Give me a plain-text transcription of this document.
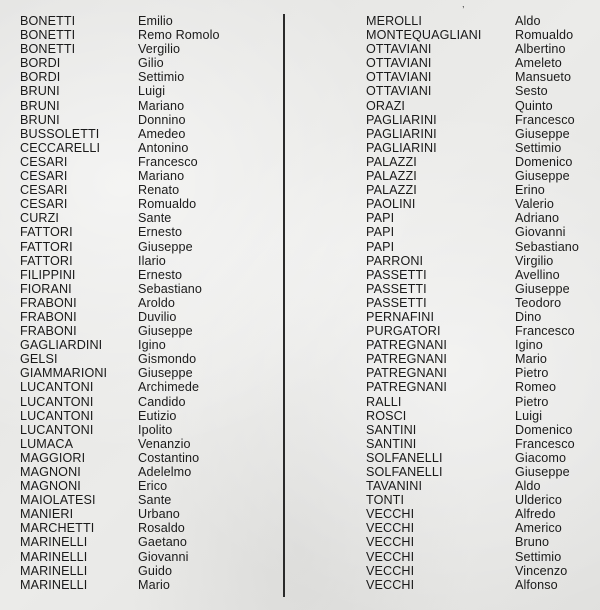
,
BONETTI
BONETTI
BONETTI
BORDI
BORDI
BRUNI
BRUNI
BRUNI
BUSSOLETTI
CECCARELLI
CESARI
CESARI
CESARI
CESARI
CURZI
FATTORI
FATTORI
FATTORI
FILIPPINI
FIORANI
FRABONI
FRABONI
FRABONI
GAGLIARDINI
GELSI
GIAMMARIONI
LUCANTONI
LUCANTONI
LUCANTONI
LUCANTONI
LUMACA
MAGGIORI
MAGNONI
MAGNONI
MAIOLATESI
MANIERI
MARCHETTI
MARINELLI
MARINELLI
MARINELLI
MARINELLI
Emilio
Remo Romolo
Vergilio
Gilio
Settimio
Luigi
Mariano
Donnino
Amedeo
Antonino
Francesco
Mariano
Renato
Romualdo
Sante
Ernesto
Giuseppe
Ilario
Ernesto
Sebastiano
Aroldo
Duvilio
Giuseppe
Igino
Gismondo
Giuseppe
Archimede
Candido
Eutizio
Ipolito
Venanzio
Costantino
Adelelmo
Erico
Sante
Urbano
Rosaldo
Gaetano
Giovanni
Guido
Mario
MEROLLI
MONTEQUAGLIANI
OTTAVIANI
OTTAVIANI
OTTAVIANI
OTTAVIANI
ORAZI
PAGLIARINI
PAGLIARINI
PAGLIARINI
PALAZZI
PALAZZI
PALAZZI
PAOLINI
PAPI
PAPI
PAPI
PARRONI
PASSETTI
PASSETTI
PASSETTI
PERNAFINI
PURGATORI
PATREGNANI
PATREGNANI
PATREGNANI
PATREGNANI
RALLI
ROSCI
SANTINI
SANTINI
SOLFANELLI
SOLFANELLI
TAVANINI
TONTI
VECCHI
VECCHI
VECCHI
VECCHI
VECCHI
VECCHI
Aldo
Romualdo
Albertino
Ameleto
Mansueto
Sesto
Quinto
Francesco
Giuseppe
Settimio
Domenico
Giuseppe
Erino
Valerio
Adriano
Giovanni
Sebastiano
Virgilio
Avellino
Giuseppe
Teodoro
Dino
Francesco
Igino
Mario
Pietro
Romeo
Pietro
Luigi
Domenico
Francesco
Giacomo
Giuseppe
Aldo
Ulderico
Alfredo
Americo
Bruno
Settimio
Vincenzo
Alfonso
